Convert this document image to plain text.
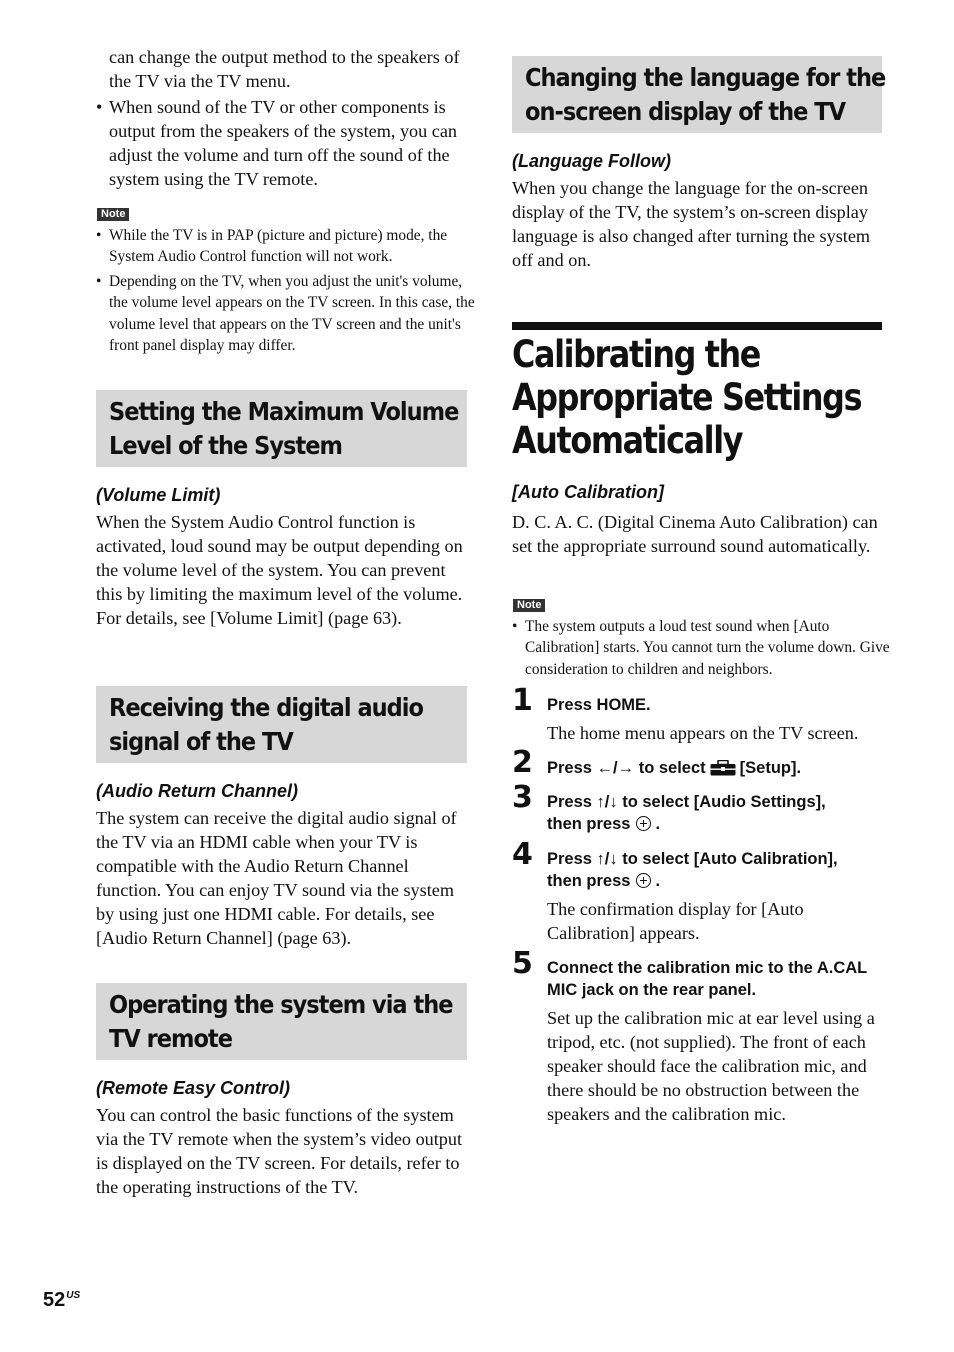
can change the output method to the speakers of the TV via the TV menu.

• When sound of the TV or other components is output from the speakers of the system, you can adjust the volume and turn off the sound of the system using the TV remote.

Note

• While the TV is in PAP (picture and picture) mode, the System Audio Control function will not work.

• Depending on the TV, when you adjust the unit's volume, the volume level appears on the TV screen. In this case, the volume level that appears on the TV screen and the unit's front panel display may differ.

Setting the Maximum Volume
Level of the System

(Volume Limit)

When the System Audio Control function is activated, loud sound may be output depending on the volume level of the system. You can prevent this by limiting the maximum level of the volume. For details, see [Volume Limit] (page 63).

Receiving the digital audio
signal of the TV

(Audio Return Channel)

The system can receive the digital audio signal of the TV via an HDMI cable when your TV is compatible with the Audio Return Channel function. You can enjoy TV sound via the system by using just one HDMI cable. For details, see [Audio Return Channel] (page 63).

Operating the system via the
TV remote

(Remote Easy Control)

You can control the basic functions of the system via the TV remote when the system’s video output is displayed on the TV screen. For details, refer to the operating instructions of the TV.

Changing the language for the
on-screen display of the TV

(Language Follow)

When you change the language for the on-screen display of the TV, the system’s on-screen display language is also changed after turning the system off and on.

Calibrating the

Appropriate Settings

Automatically

[Auto Calibration]

D. C. A. C. (Digital Cinema Auto Calibration) can set the appropriate surround sound automatically.

Note

• The system outputs a loud test sound when [Auto Calibration] starts. You cannot turn the volume down. Give consideration to children and neighbors.

1 Press HOME.

The home menu appears on the TV screen.

2 Press ←/→ to select [Setup].

3 Press ↑/↓ to select [Audio Settings],
then press .

4 Press ↑/↓ to select [Auto Calibration],
then press .

The confirmation display for [Auto Calibration] appears.

5 Connect the calibration mic to the A.CAL MIC jack on the rear panel.

Set up the calibration mic at ear level using a tripod, etc. (not supplied). The front of each speaker should face the calibration mic, and there should be no obstruction between the speakers and the calibration mic.

$52^{US}$
